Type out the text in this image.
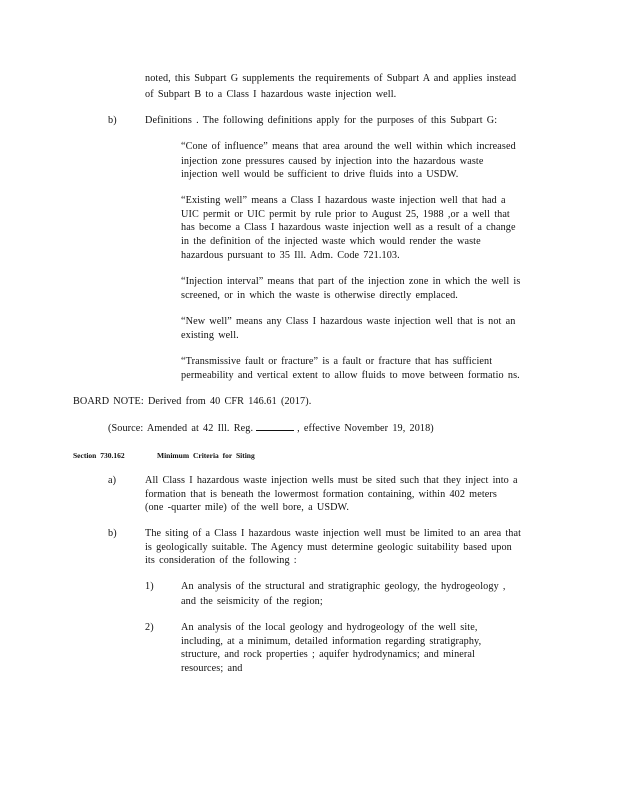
noted, this Subpart G supplements the requirements of Subpart A and applies instead
of Subpart B to a Class I hazardous waste injection well.
b)	Definitions . The following definitions apply for the purposes of this Subpart G:
“Cone of influence” means that area around the well within which increased
injection zone pressures caused by injection into the hazardous waste
injection well would be sufficient to drive fluids into a USDW.
“Existing well” means a Class I hazardous waste injection well that had a
UIC permit or UIC permit by rule prior to August 25, 1988 ,or a well that
has become a Class I hazardous waste injection well as a result of a change
in the definition of the injected waste which would render the waste
hazardous pursuant to 35 Ill. Adm. Code 721.103.
“Injection interval” means that part of the injection zone in which the well is
screened, or in which the waste is otherwise directly emplaced.
“New well” means any Class I hazardous waste injection well that is not an
existing well.
“Transmissive fault or fracture” is a fault or fracture that has sufficient
permeability and vertical extent to allow fluids to move between formatio ns.
BOARD NOTE: Derived from 40 CFR 146.61 (2017).
(Source: Amended at 42 Ill. Reg.	, effective November 19, 2018)
Section 730.162	Minimum Criteria for Siting
a)	All Class I hazardous waste injection wells must be sited such that they inject into a
formation that is beneath the lowermost formation containing, within 402 meters
(one -quarter mile) of the well bore, a USDW.
b)	The siting of a Class I hazardous waste injection well must be limited to an area that
is geologically suitable. The Agency must determine geologic suitability based upon
its consideration of the following :
1)	An analysis of the structural and stratigraphic geology, the hydrogeology ,
and the seismicity of the region;
2)	An analysis of the local geology and hydrogeology of the well site,
including, at a minimum, detailed information regarding stratigraphy,
structure, and rock properties ; aquifer hydrodynamics; and mineral
resources; and
